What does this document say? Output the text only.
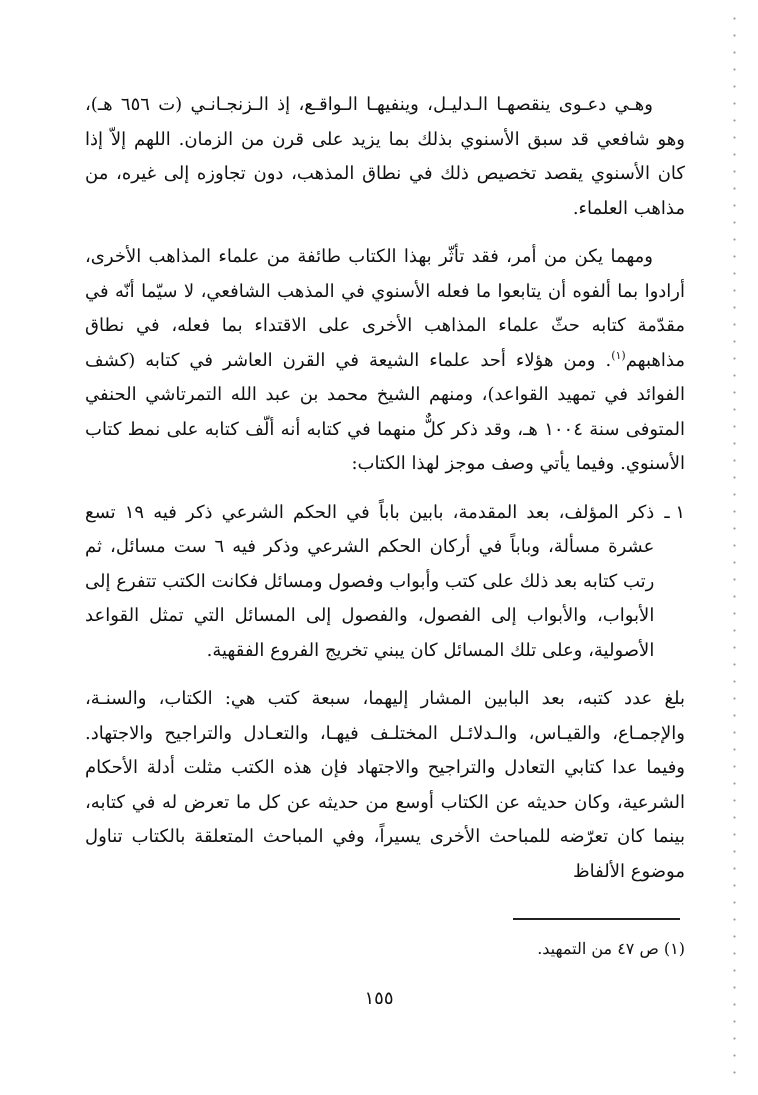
وهـي دعـوى ينقصهـا الـدليـل، وينفيهـا الـواقـع، إذ الـزنجـانـي (ت ٦٥٦ هـ)، وهو شافعي قد سبق الأسنوي بذلك بما يزيد على قرن من الزمان. اللهم إلاّ إذا كان الأسنوي يقصد تخصيص ذلك في نطاق المذهب، دون تجاوزه إلى غيره، من مذاهب العلماء.

ومهما يكن من أمر، فقد تأثّر بهذا الكتاب طائفة من علماء المذاهب الأخرى، أرادوا بما ألفوه أن يتابعوا ما فعله الأسنوي في المذهب الشافعي، لا سيّما أنّه في مقدّمة كتابه حثّ علماء المذاهب الأخرى على الاقتداء بما فعله، في نطاق مذاهبهم$^{(١)}$. ومن هؤلاء أحد علماء الشيعة في القرن العاشر في كتابه (كشف الفوائد في تمهيد القواعد)، ومنهم الشيخ محمد بن عبد الله التمرتاشي الحنفي المتوفى سنة ١٠٠٤ هـ، وقد ذكر كلٌّ منهما في كتابه أنه ألّف كتابه على نمط كتاب الأسنوي. وفيما يأتي وصف موجز لهذا الكتاب:

١ ـ

ذكر المؤلف، بعد المقدمة، بابين باباً في الحكم الشرعي ذكر فيه ١٩ تسع عشرة مسألة، وباباً في أركان الحكم الشرعي وذكر فيه ٦ ست مسائل، ثم رتب كتابه بعد ذلك على كتب وأبواب وفصول ومسائل فكانت الكتب تتفرع إلى الأبواب، والأبواب إلى الفصول، والفصول إلى المسائل التي تمثل القواعد الأصولية، وعلى تلك المسائل كان يبني تخريج الفروع الفقهية.

بلغ عدد كتبه، بعد البابين المشار إليهما، سبعة كتب هي: الكتاب، والسنـة، والإجمـاع، والقيـاس، والـدلائـل المختلـف فيهـا، والتعـادل والتراجيح والاجتهاد. وفيما عدا كتابي التعادل والتراجيح والاجتهاد فإن هذه الكتب مثلت أدلة الأحكام الشرعية، وكان حديثه عن الكتاب أوسع من حديثه عن كل ما تعرض له في كتابه، بينما كان تعرّضه للمباحث الأخرى يسيراً، وفي المباحث المتعلقة بالكتاب تناول موضوع الألفاظ

(١) ص ٤٧ من التمهيد.
١٥٥
